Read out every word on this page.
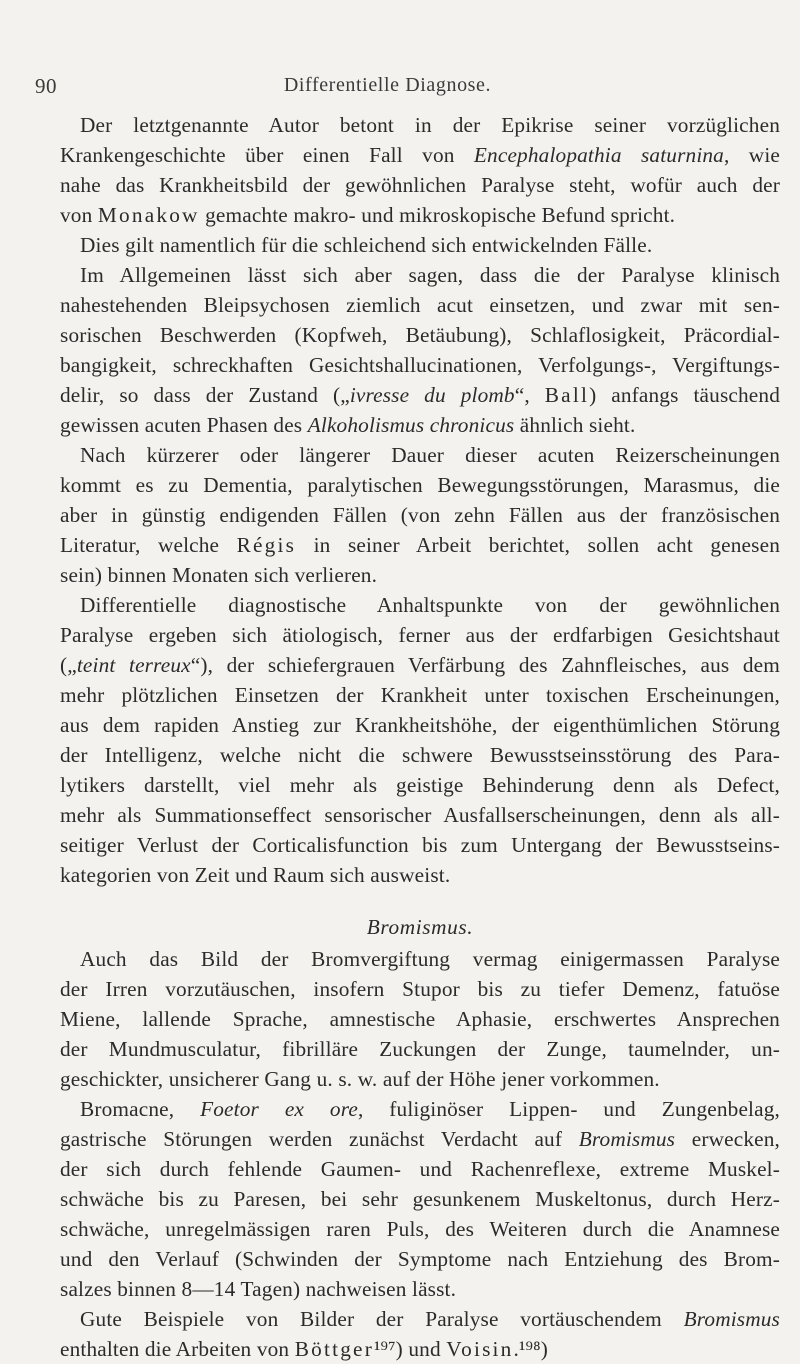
90	Differentielle Diagnose.
Der letztgenannte Autor betont in der Epikrise seiner vorzüglichen
Krankengeschichte über einen Fall von Encephalopathia saturnina, wie
nahe das Krankheitsbild der gewöhnlichen Paralyse steht, wofür auch der
von Monakow gemachte makro- und mikroskopische Befund spricht.
Dies gilt namentlich für die schleichend sich entwickelnden Fälle.
Im Allgemeinen lässt sich aber sagen, dass die der Paralyse klinisch
nahestehenden Bleipsychosen ziemlich acut einsetzen, und zwar mit sen-
sorischen Beschwerden (Kopfweh, Betäubung), Schlaflosigkeit, Präcordial-
bangigkeit, schreckhaften Gesichtshallucinationen, Verfolgungs-, Vergiftungs-
delir, so dass der Zustand („ivresse du plomb“, Ball) anfangs täuschend
gewissen acuten Phasen des Alkoholismus chronicus ähnlich sieht.
Nach kürzerer oder längerer Dauer dieser acuten Reizerscheinungen
kommt es zu Dementia, paralytischen Bewegungsstörungen, Marasmus, die
aber in günstig endigenden Fällen (von zehn Fällen aus der französischen
Literatur, welche Régis in seiner Arbeit berichtet, sollen acht genesen
sein) binnen Monaten sich verlieren.
Differentielle diagnostische Anhaltspunkte von der gewöhnlichen
Paralyse ergeben sich ätiologisch, ferner aus der erdfarbigen Gesichtshaut
(„teint terreux“), der schiefergrauen Verfärbung des Zahnfleisches, aus dem
mehr plötzlichen Einsetzen der Krankheit unter toxischen Erscheinungen,
aus dem rapiden Anstieg zur Krankheitshöhe, der eigenthümlichen Störung
der Intelligenz, welche nicht die schwere Bewusstseinsstörung des Para-
lytikers darstellt, viel mehr als geistige Behinderung denn als Defect,
mehr als Summationseffect sensorischer Ausfallserscheinungen, denn als all-
seitiger Verlust der Corticalisfunction bis zum Untergang der Bewusstseins-
kategorien von Zeit und Raum sich ausweist.
Bromismus.
Auch das Bild der Bromvergiftung vermag einigermassen Paralyse
der Irren vorzutäuschen, insofern Stupor bis zu tiefer Demenz, fatuöse
Miene, lallende Sprache, amnestische Aphasie, erschwertes Ansprechen
der Mundmusculatur, fibrilläre Zuckungen der Zunge, taumelnder, un-
geschickter, unsicherer Gang u. s. w. auf der Höhe jener vorkommen.
Bromacne, Foetor ex ore, fuliginöser Lippen- und Zungenbelag,
gastrische Störungen werden zunächst Verdacht auf Bromismus erwecken,
der sich durch fehlende Gaumen- und Rachenreflexe, extreme Muskel-
schwäche bis zu Paresen, bei sehr gesunkenem Muskeltonus, durch Herz-
schwäche, unregelmässigen raren Puls, des Weiteren durch die Anamnese
und den Verlauf (Schwinden der Symptome nach Entziehung des Brom-
salzes binnen 8—14 Tagen) nachweisen lässt.
Gute Beispiele von Bilder der Paralyse vortäuschendem Bromismus
enthalten die Arbeiten von Böttger¹⁹⁷) und Voisin.¹⁹⁸)
